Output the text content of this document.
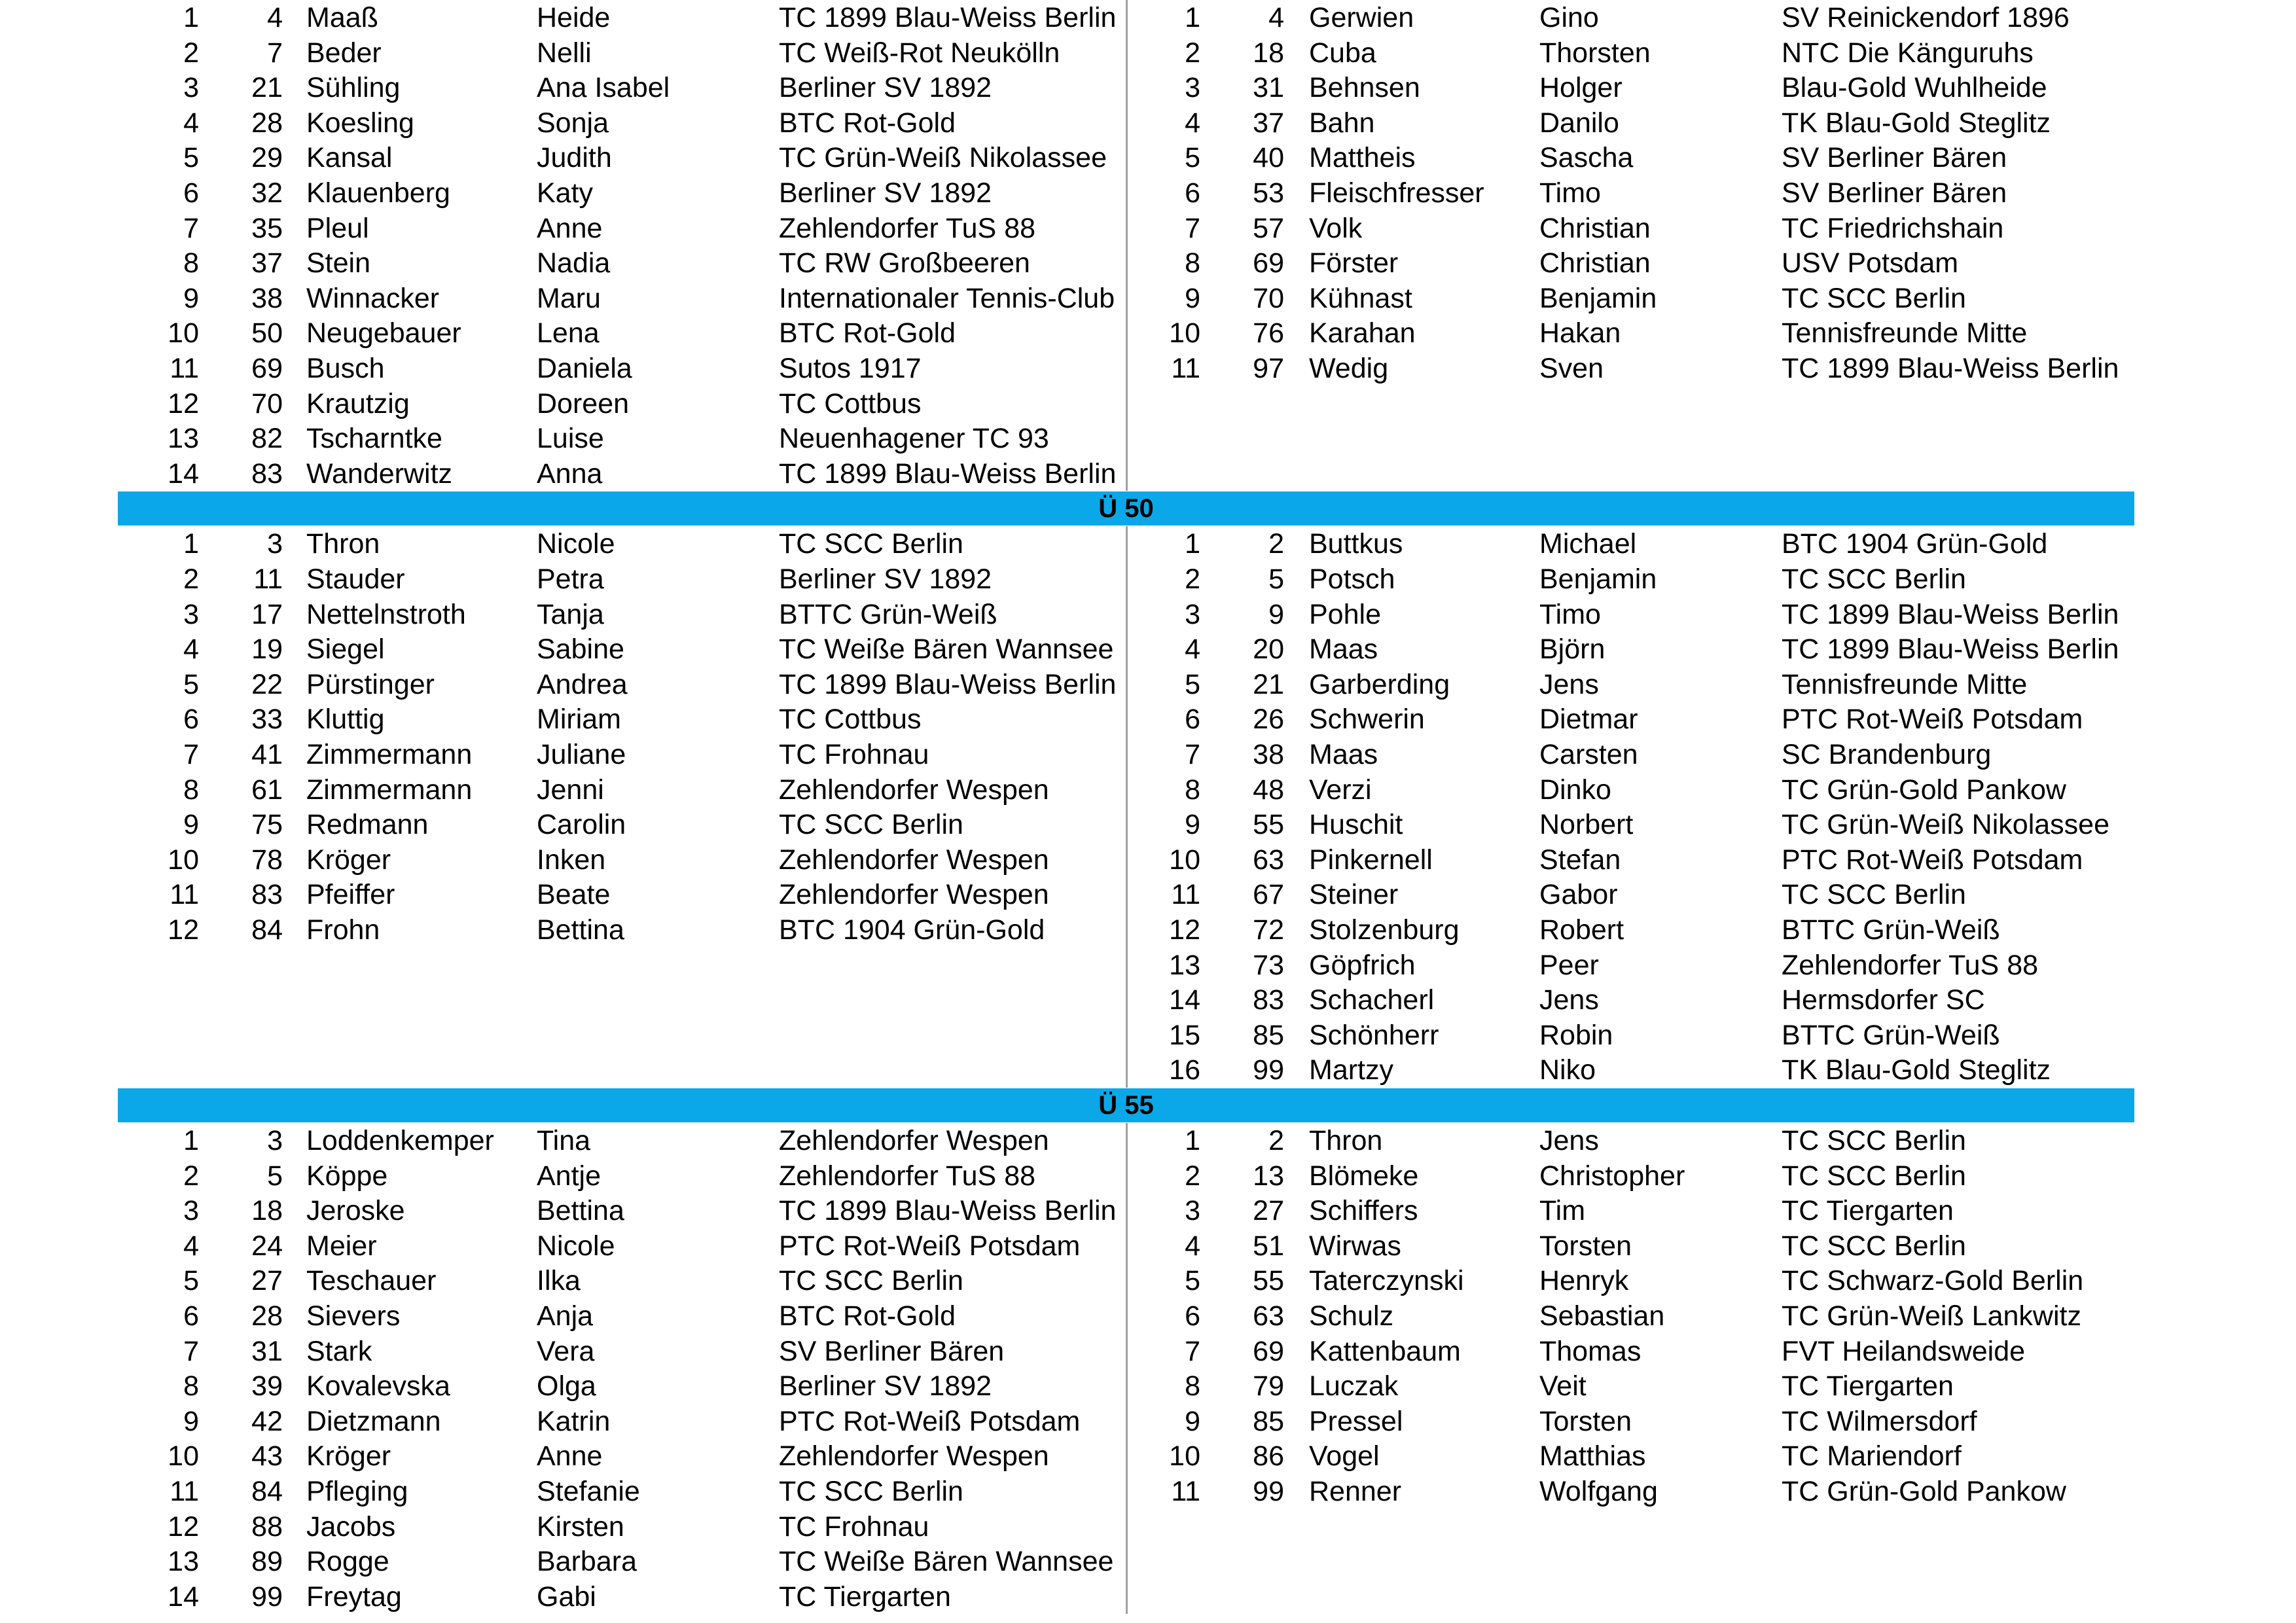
1	4 Maaß	Heide	TC 1899 Blau-Weiss Berlin
2	7 Beder	Nelli	TC Weiß-Rot Neukölln
3	21 Sühling	Ana Isabel	Berliner SV 1892
4	28 Koesling	Sonja	BTC Rot-Gold
5	29 Kansal	Judith	TC Grün-Weiß Nikolassee
6	32 Klauenberg	Katy	Berliner SV 1892
7	35 Pleul	Anne	Zehlendorfer TuS 88
8	37 Stein	Nadia	TC RW Großbeeren
9	38 Winnacker	Maru	Internationaler Tennis-Club
10	50 Neugebauer	Lena	BTC Rot-Gold
11	69 Busch	Daniela	Sutos 1917
12	70 Krautzig	Doreen	TC Cottbus
13	82 Tscharntke	Luise	Neuenhagener TC 93
14	83 Wanderwitz	Anna	TC 1899 Blau-Weiss Berlin
1	4 Gerwien	Gino	SV Reinickendorf 1896
2	18 Cuba	Thorsten	NTC Die Känguruhs
3	31 Behnsen	Holger	Blau-Gold Wuhlheide
4	37 Bahn	Danilo	TK Blau-Gold Steglitz
5	40 Mattheis	Sascha	SV Berliner Bären
6	53 Fleischfresser	Timo	SV Berliner Bären
7	57 Volk	Christian	TC Friedrichshain
8	69 Förster	Christian	USV Potsdam
9	70 Kühnast	Benjamin	TC SCC Berlin
10	76 Karahan	Hakan	Tennisfreunde Mitte
11	97 Wedig	Sven	TC 1899 Blau-Weiss Berlin
Ü 50
1	3 Thron	Nicole	TC SCC Berlin
2	11 Stauder	Petra	Berliner SV 1892
3	17 Nettelnstroth	Tanja	BTTC Grün-Weiß
4	19 Siegel	Sabine	TC Weiße Bären Wannsee
5	22 Pürstinger	Andrea	TC 1899 Blau-Weiss Berlin
6	33 Kluttig	Miriam	TC Cottbus
7	41 Zimmermann	Juliane	TC Frohnau
8	61 Zimmermann	Jenni	Zehlendorfer Wespen
9	75 Redmann	Carolin	TC SCC Berlin
10	78 Kröger	Inken	Zehlendorfer Wespen
11	83 Pfeiffer	Beate	Zehlendorfer Wespen
12	84 Frohn	Bettina	BTC 1904 Grün-Gold
1	2 Buttkus	Michael	BTC 1904 Grün-Gold
2	5 Potsch	Benjamin	TC SCC Berlin
3	9 Pohle	Timo	TC 1899 Blau-Weiss Berlin
4	20 Maas	Björn	TC 1899 Blau-Weiss Berlin
5	21 Garberding	Jens	Tennisfreunde Mitte
6	26 Schwerin	Dietmar	PTC Rot-Weiß Potsdam
7	38 Maas	Carsten	SC Brandenburg
8	48 Verzi	Dinko	TC Grün-Gold Pankow
9	55 Huschit	Norbert	TC Grün-Weiß Nikolassee
10	63 Pinkernell	Stefan	PTC Rot-Weiß Potsdam
11	67 Steiner	Gabor	TC SCC Berlin
12	72 Stolzenburg	Robert	BTTC Grün-Weiß
13	73 Göpfrich	Peer	Zehlendorfer TuS 88
14	83 Schacherl	Jens	Hermsdorfer SC
15	85 Schönherr	Robin	BTTC Grün-Weiß
16	99 Martzy	Niko	TK Blau-Gold Steglitz
Ü 55
1	3 Loddenkemper	Tina	Zehlendorfer Wespen
2	5 Köppe	Antje	Zehlendorfer TuS 88
3	18 Jeroske	Bettina	TC 1899 Blau-Weiss Berlin
4	24 Meier	Nicole	PTC Rot-Weiß Potsdam
5	27 Teschauer	Ilka	TC SCC Berlin
6	28 Sievers	Anja	BTC Rot-Gold
7	31 Stark	Vera	SV Berliner Bären
8	39 Kovalevska	Olga	Berliner SV 1892
9	42 Dietzmann	Katrin	PTC Rot-Weiß Potsdam
10	43 Kröger	Anne	Zehlendorfer Wespen
11	84 Pfleging	Stefanie	TC SCC Berlin
12	88 Jacobs	Kirsten	TC Frohnau
13	89 Rogge	Barbara	TC Weiße Bären Wannsee
14	99 Freytag	Gabi	TC Tiergarten
1	2 Thron	Jens	TC SCC Berlin
2	13 Blömeke	Christopher	TC SCC Berlin
3	27 Schiffers	Tim	TC Tiergarten
4	51 Wirwas	Torsten	TC SCC Berlin
5	55 Taterczynski	Henryk	TC Schwarz-Gold Berlin
6	63 Schulz	Sebastian	TC Grün-Weiß Lankwitz
7	69 Kattenbaum	Thomas	FVT Heilandsweide
8	79 Luczak	Veit	TC Tiergarten
9	85 Pressel	Torsten	TC Wilmersdorf
10	86 Vogel	Matthias	TC Mariendorf
11	99 Renner	Wolfgang	TC Grün-Gold Pankow
